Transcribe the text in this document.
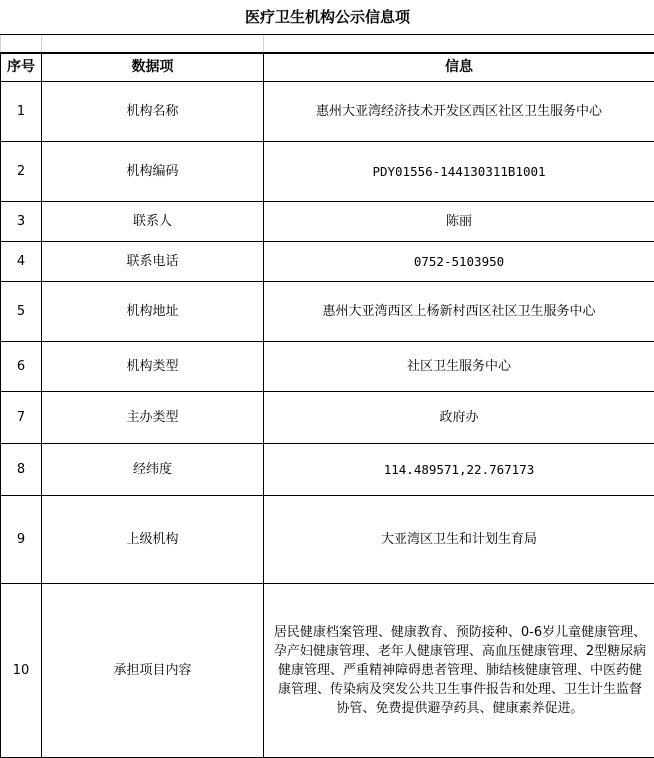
医疗卫生机构公示信息项		

序号	数据项	信息
1	机构名称	惠州大亚湾经济技术开发区西区社区卫生服务中心
2	机构编码	PDY01556-144130311B1001
3	联系人	陈丽
4	联系电话	0752-5103950
5	机构地址	惠州大亚湾西区上杨新村西区社区卫生服务中心
6	机构类型	社区卫生服务中心
7	主办类型	政府办
8	经纬度	114.489571,22.767173
9	上级机构	大亚湾区卫生和计划生育局
10	承担项目内容	居民健康档案管理、健康教育、预防接种、0-6岁儿童健康管理、孕产妇健康管理、老年人健康管理、高血压健康管理、2型糖尿病健康管理、严重精神障碍患者管理、肺结核健康管理、中医药健康管理、传染病及突发公共卫生事件报告和处理、卫生计生监督协管、免费提供避孕药具、健康素养促进。
